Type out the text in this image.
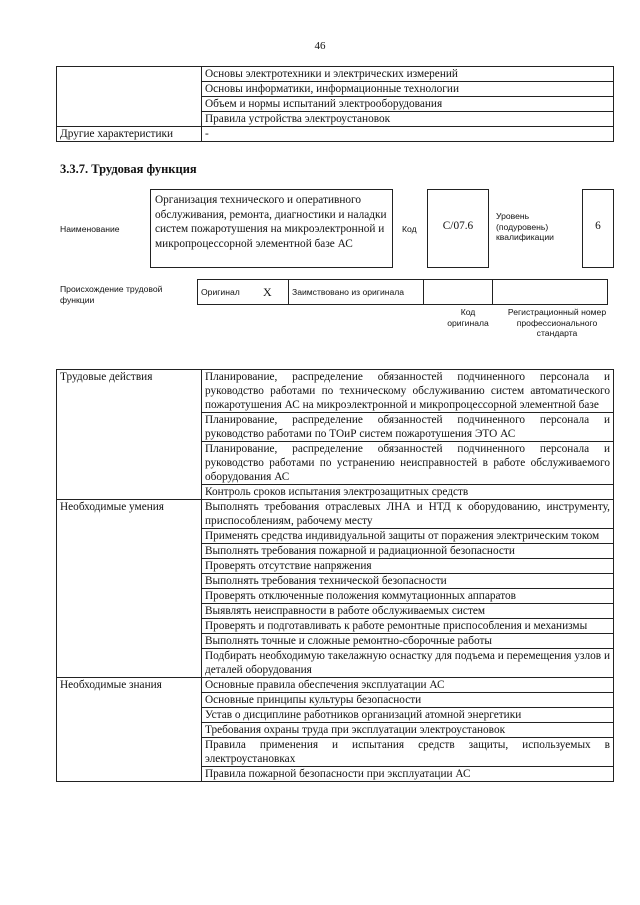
46
	Основы электротехники и электрических измерений
	Основы информатики, информационные технологии
	Объем и нормы испытаний электрооборудования
	Правила устройства электроустановок
Другие характеристики	-
3.3.7. Трудовая функция
Наименование
Организация технического и оперативного обслуживания, ремонта, диагностики и наладки систем пожаротушения на микроэлектронной и микропроцессорной элементной базе АС
Код	С/07.6
Уровень (подуровень) квалификации
6
Происхождение трудовой функции
Оригинал	X	Заимствовано из оригинала		
Код оригинала
Регистрационный номер профессионального стандарта
Трудовые действия	Планирование, распределение обязанностей подчиненного персонала и руководство работами по техническому обслуживанию систем автоматического пожаротушения АС на микроэлектронной и микропроцессорной элементной базе
	Планирование, распределение обязанностей подчиненного персонала и руководство работами по ТОиР систем пожаротушения ЭТО АС
	Планирование, распределение обязанностей подчиненного персонала и руководство работами по устранению неисправностей в работе обслуживаемого оборудования АС
	Контроль сроков испытания электрозащитных средств
Необходимые умения	Выполнять требования отраслевых ЛНА и НТД к оборудованию, инструменту, приспособлениям, рабочему месту
	Применять средства индивидуальной защиты от поражения электрическим током
	Выполнять требования пожарной и радиационной безопасности
	Проверять отсутствие напряжения
	Выполнять требования технической безопасности
	Проверять отключенные положения коммутационных аппаратов
	Выявлять неисправности в работе обслуживаемых систем
	Проверять и подготавливать к работе ремонтные приспособления и механизмы
	Выполнять точные и сложные ремонтно-сборочные работы
	Подбирать необходимую такелажную оснастку для подъема и перемещения узлов и деталей оборудования
Необходимые знания	Основные правила обеспечения эксплуатации АС
	Основные принципы культуры безопасности
	Устав о дисциплине работников организаций атомной энергетики
	Требования охраны труда при эксплуатации электроустановок
	Правила применения и испытания средств защиты, используемых в электроустановках
	Правила пожарной безопасности при эксплуатации АС
